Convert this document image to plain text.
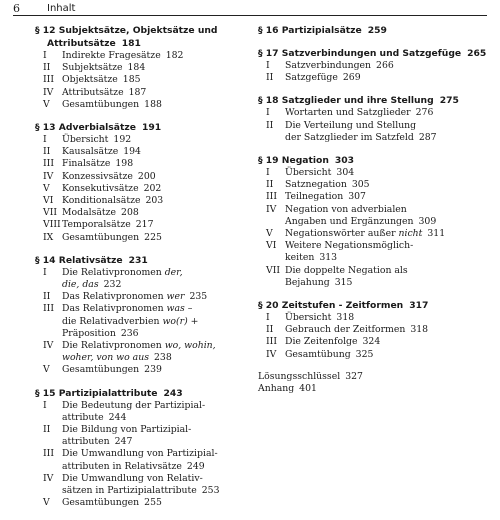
6	Inhalt
§ 12 Subjektsätze, Objektsätze und Attributsätze 181
I	Indirekte Fragesätze 182
II	Subjektsätze 184
III Objektsätze 185
IV Attributsätze 187
V	Gesamtübungen 188
§ 13 Adverbialsätze 191
I	Übersicht 192
II	Kausalsätze 194
III Finalsätze 198
IV Konzessivsätze 200
V	Konsekutivsätze 202
VI Konditionalsätze 203
VII Modalsätze 208
VIII Temporalsätze 217
IX Gesamtübungen 225
§ 14 Relativsätze 231
I	Die Relativpronomen der,
die, das 232
II	Das Relativpronomen wer 235
III Das Relativpronomen was –
die Relativadverbien wo(r) +
Präposition 236
IV Die Relativpronomen wo, wohin,
woher, von wo aus 238
V	Gesamtübungen 239
§ 15 Partizipialattribute 243
I	Die Bedeutung der Partizipial-
attribute 244
II	Die Bildung von Partizipial-
attributen 247
III Die Umwandlung von Partizipial-
attributen in Relativsätze 249
IV Die Umwandlung von Relativ-
sätzen in Partizipialattribute 253
V	Gesamtübungen 255
§ 16 Partizipialsätze 259
§ 17 Satzverbindungen und Satzgefüge 265
I	Satzverbindungen 266
II	Satzgefüge 269
§ 18 Satzglieder und ihre Stellung 275
I	Wortarten und Satzglieder 276
II	Die Verteilung und Stellung
der Satzglieder im Satzfeld 287
§ 19 Negation 303
I	Übersicht 304
II	Satznegation 305
III Teilnegation 307
IV Negation von adverbialen
Angaben und Ergänzungen 309
V	Negationswörter außer nicht 311
VI Weitere Negationsmöglich-
keiten 313
VII Die doppelte Negation als
Bejahung 315
§ 20 Zeitstufen - Zeitformen 317
I	Übersicht 318
II	Gebrauch der Zeitformen 318
III Die Zeitenfolge 324
IV Gesamtübung 325
Lösungsschlüssel 327
Anhang 401
